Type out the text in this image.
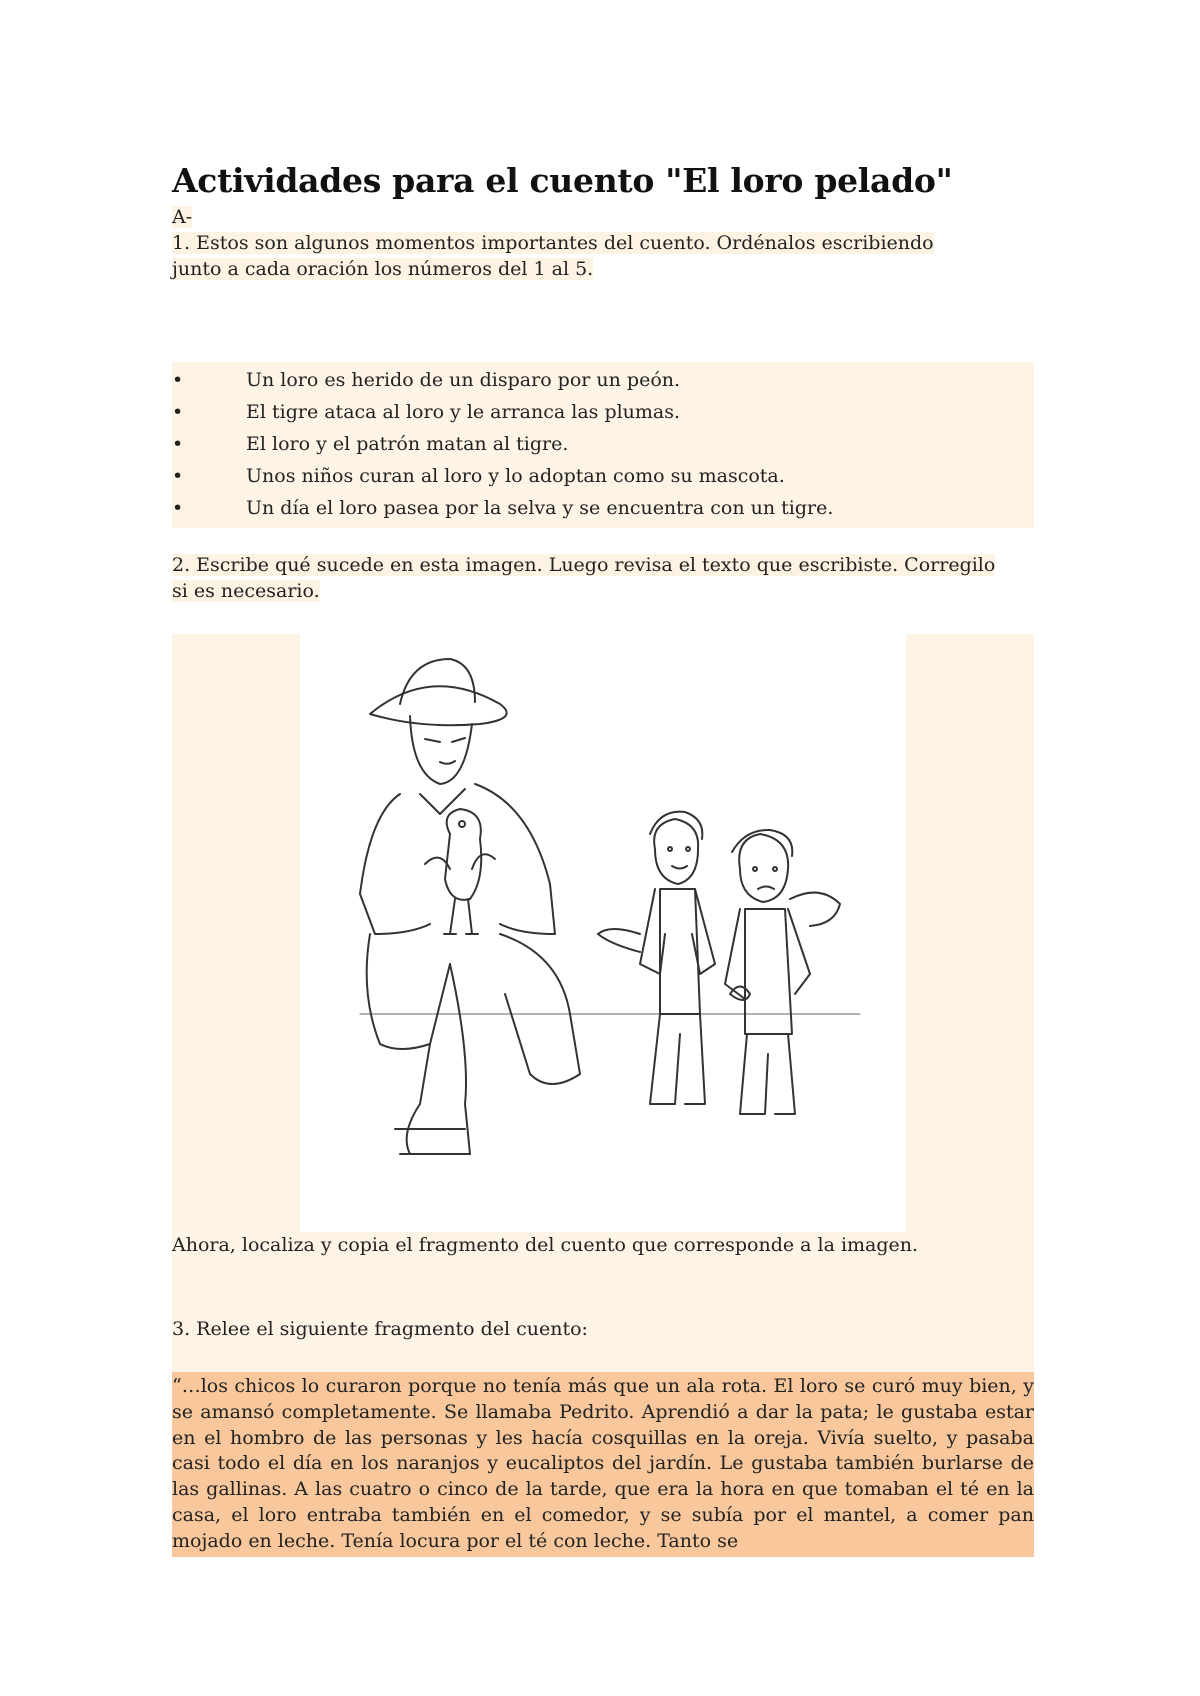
Actividades para el cuento "El loro pelado"
A-
1. Estos son algunos momentos importantes del cuento. Ordénalos escribiendo
junto a cada oración los números del 1 al 5.
•	Un loro es herido de un disparo por un peón.
•	El tigre ataca al loro y le arranca las plumas.
•	El loro y el patrón matan al tigre.
•	Unos niños curan al loro y lo adoptan como su mascota.
•	Un día el loro pasea por la selva y se encuentra con un tigre.
2. Escribe qué sucede en esta imagen. Luego revisa el texto que escribiste. Corregilo
si es necesario.
Ahora, localiza y copia el fragmento del cuento que corresponde a la imagen.
3. Relee el siguiente fragmento del cuento:
“…los chicos lo curaron porque no tenía más que un ala rota. El loro se curó muy bien, y se amansó completamente. Se llamaba Pedrito. Aprendió a dar la pata; le gustaba estar en el hombro de las personas y les hacía cosquillas en la oreja. Vivía suelto, y pasaba casi todo el día en los naranjos y eucaliptos del jardín. Le gustaba también burlarse de las gallinas. A las cuatro o cinco de la tarde, que era la hora en que tomaban el té en la casa, el loro entraba también en el comedor, y se subía por el mantel, a comer pan mojado en leche. Tenía locura por el té con leche. Tanto se
